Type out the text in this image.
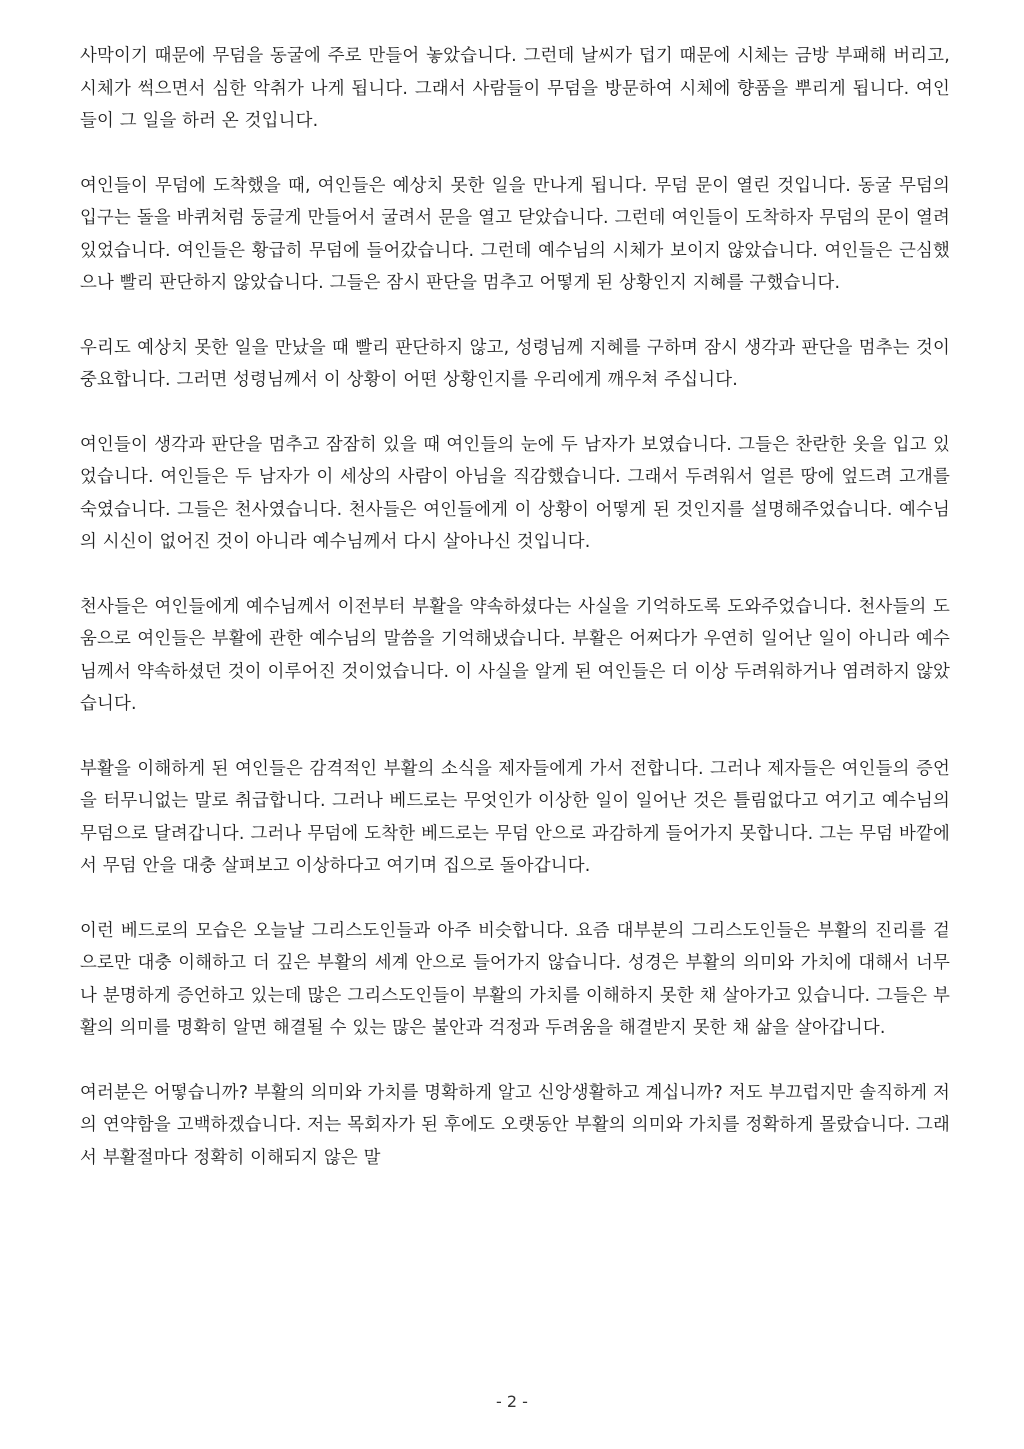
사막이기 때문에 무덤을 동굴에 주로 만들어 놓았습니다. 그런데 날씨가 덥기 때문에 시체는 금방 부패해 버리고, 시체가 썩으면서 심한 악취가 나게 됩니다. 그래서 사람들이 무덤을 방문하여 시체에 향품을 뿌리게 됩니다. 여인들이 그 일을 하러 온 것입니다.

여인들이 무덤에 도착했을 때, 여인들은 예상치 못한 일을 만나게 됩니다. 무덤 문이 열린 것입니다. 동굴 무덤의 입구는 돌을 바퀴처럼 둥글게 만들어서 굴려서 문을 열고 닫았습니다. 그런데 여인들이 도착하자 무덤의 문이 열려 있었습니다. 여인들은 황급히 무덤에 들어갔습니다. 그런데 예수님의 시체가 보이지 않았습니다. 여인들은 근심했으나 빨리 판단하지 않았습니다. 그들은 잠시 판단을 멈추고 어떻게 된 상황인지 지혜를 구했습니다.

우리도 예상치 못한 일을 만났을 때 빨리 판단하지 않고, 성령님께 지혜를 구하며 잠시 생각과 판단을 멈추는 것이 중요합니다. 그러면 성령님께서 이 상황이 어떤 상황인지를 우리에게 깨우쳐 주십니다.

여인들이 생각과 판단을 멈추고 잠잠히 있을 때 여인들의 눈에 두 남자가 보였습니다. 그들은 찬란한 옷을 입고 있었습니다. 여인들은 두 남자가 이 세상의 사람이 아님을 직감했습니다. 그래서 두려워서 얼른 땅에 엎드려 고개를 숙였습니다. 그들은 천사였습니다. 천사들은 여인들에게 이 상황이 어떻게 된 것인지를 설명해주었습니다. 예수님의 시신이 없어진 것이 아니라 예수님께서 다시 살아나신 것입니다.

천사들은 여인들에게 예수님께서 이전부터 부활을 약속하셨다는 사실을 기억하도록 도와주었습니다. 천사들의 도움으로 여인들은 부활에 관한 예수님의 말씀을 기억해냈습니다. 부활은 어쩌다가 우연히 일어난 일이 아니라 예수님께서 약속하셨던 것이 이루어진 것이었습니다. 이 사실을 알게 된 여인들은 더 이상 두려워하거나 염려하지 않았습니다.

부활을 이해하게 된 여인들은 감격적인 부활의 소식을 제자들에게 가서 전합니다. 그러나 제자들은 여인들의 증언을 터무니없는 말로 취급합니다. 그러나 베드로는 무엇인가 이상한 일이 일어난 것은 틀림없다고 여기고 예수님의 무덤으로 달려갑니다. 그러나 무덤에 도착한 베드로는 무덤 안으로 과감하게 들어가지 못합니다. 그는 무덤 바깥에서 무덤 안을 대충 살펴보고 이상하다고 여기며 집으로 돌아갑니다.

이런 베드로의 모습은 오늘날 그리스도인들과 아주 비슷합니다. 요즘 대부분의 그리스도인들은 부활의 진리를 겉으로만 대충 이해하고 더 깊은 부활의 세계 안으로 들어가지 않습니다. 성경은 부활의 의미와 가치에 대해서 너무나 분명하게 증언하고 있는데 많은 그리스도인들이 부활의 가치를 이해하지 못한 채 살아가고 있습니다. 그들은 부활의 의미를 명확히 알면 해결될 수 있는 많은 불안과 걱정과 두려움을 해결받지 못한 채 삶을 살아갑니다.

여러분은 어떻습니까? 부활의 의미와 가치를 명확하게 알고 신앙생활하고 계십니까? 저도 부끄럽지만 솔직하게 저의 연약함을 고백하겠습니다. 저는 목회자가 된 후에도 오랫동안 부활의 의미와 가치를 정확하게 몰랐습니다. 그래서 부활절마다 정확히 이해되지 않은 말

- 2 -
